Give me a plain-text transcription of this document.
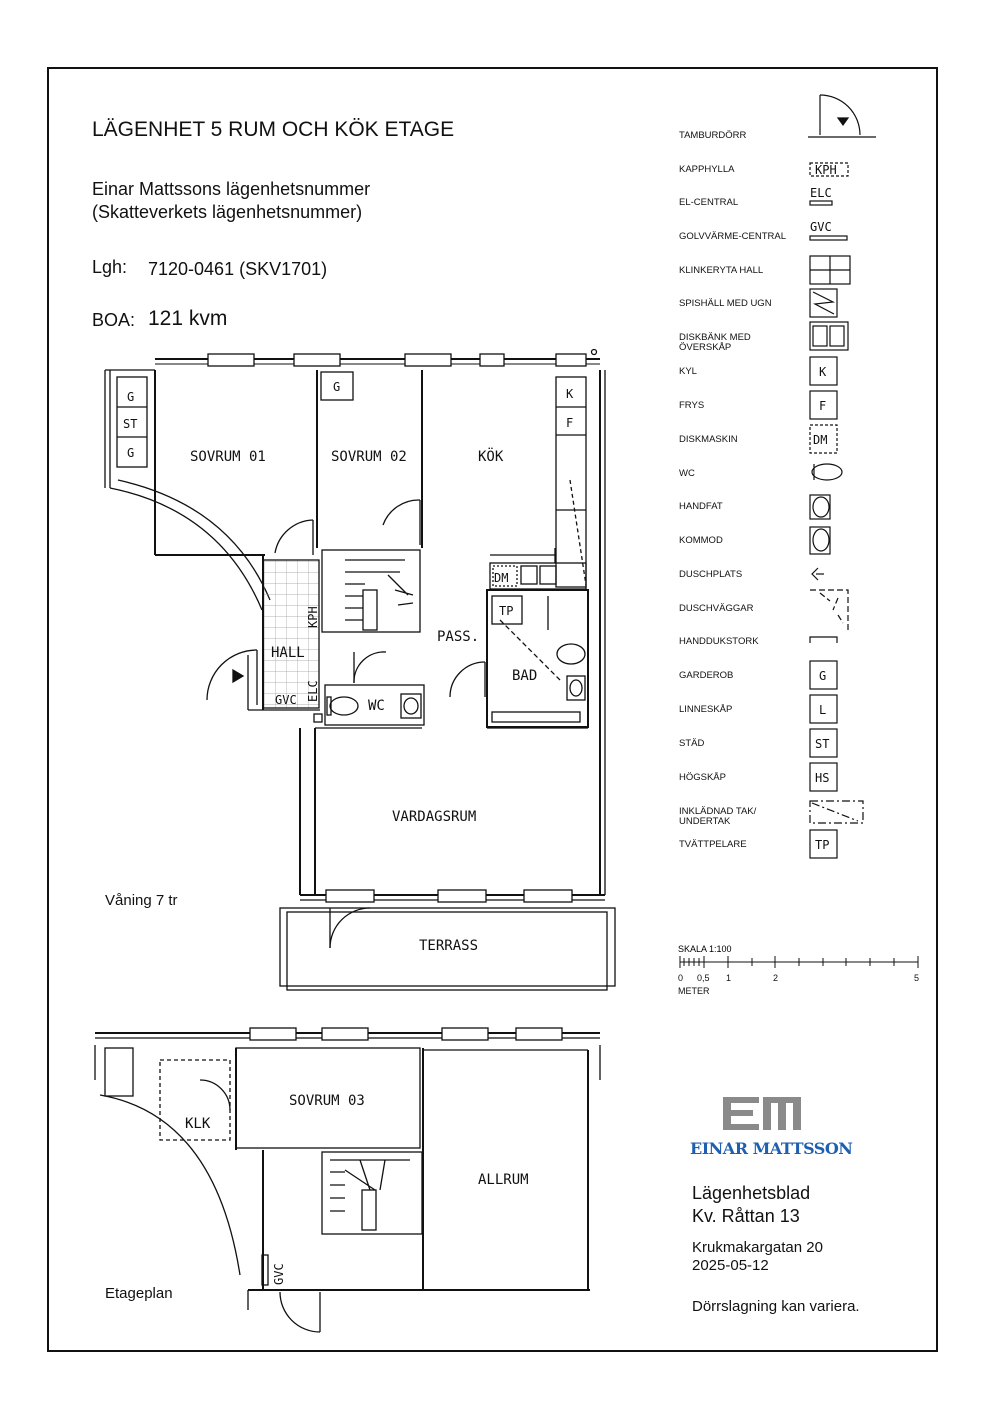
LÄGENHET 5 RUM OCH KÖK ETAGE
Einar Mattssons lägenhetsnummer
(Skatteverkets lägenhetsnummer)
Lgh: 7120-0461 (SKV1701)
BOA: 121 kvm
SOVRUM 01	SOVRUM 02	KÖK
PASS.
HALL
BAD
WC
VARDAGSRUM
TERRASS
SOVRUM 03
KLK
ALLRUM
G
ST
G
G	K
F
DM
TP
GVC
KPH
ELC
GVC
KPH
ELC
GVC
K
F
DM
G
L
ST
HS
TP
SKALA 1:100
0 0,5 1	2	5
METER
Våning 7 tr
Etageplan
TAMBURDÖRR
KAPPHYLLA
EL-CENTRAL
GOLVVÄRME-CENTRAL
KLINKERYTA HALL
SPISHÄLL MED UGN
DISKBÄNK MED
ÖVERSKÅP
KYL
FRYS
DISKMASKIN
WC
HANDFAT
KOMMOD
DUSCHPLATS
DUSCHVÄGGAR
HANDDUKSTORK
GARDEROB
LINNESKÅP
STÄD
HÖGSKÅP
INKLÄDNAD TAK/
UNDERTAK
TVÄTTPELARE
EINAR MATTSSON
Lägenhetsblad
Kv. Råttan 13
Krukmakargatan 20
2025-05-12
Dörrslagning kan variera.
